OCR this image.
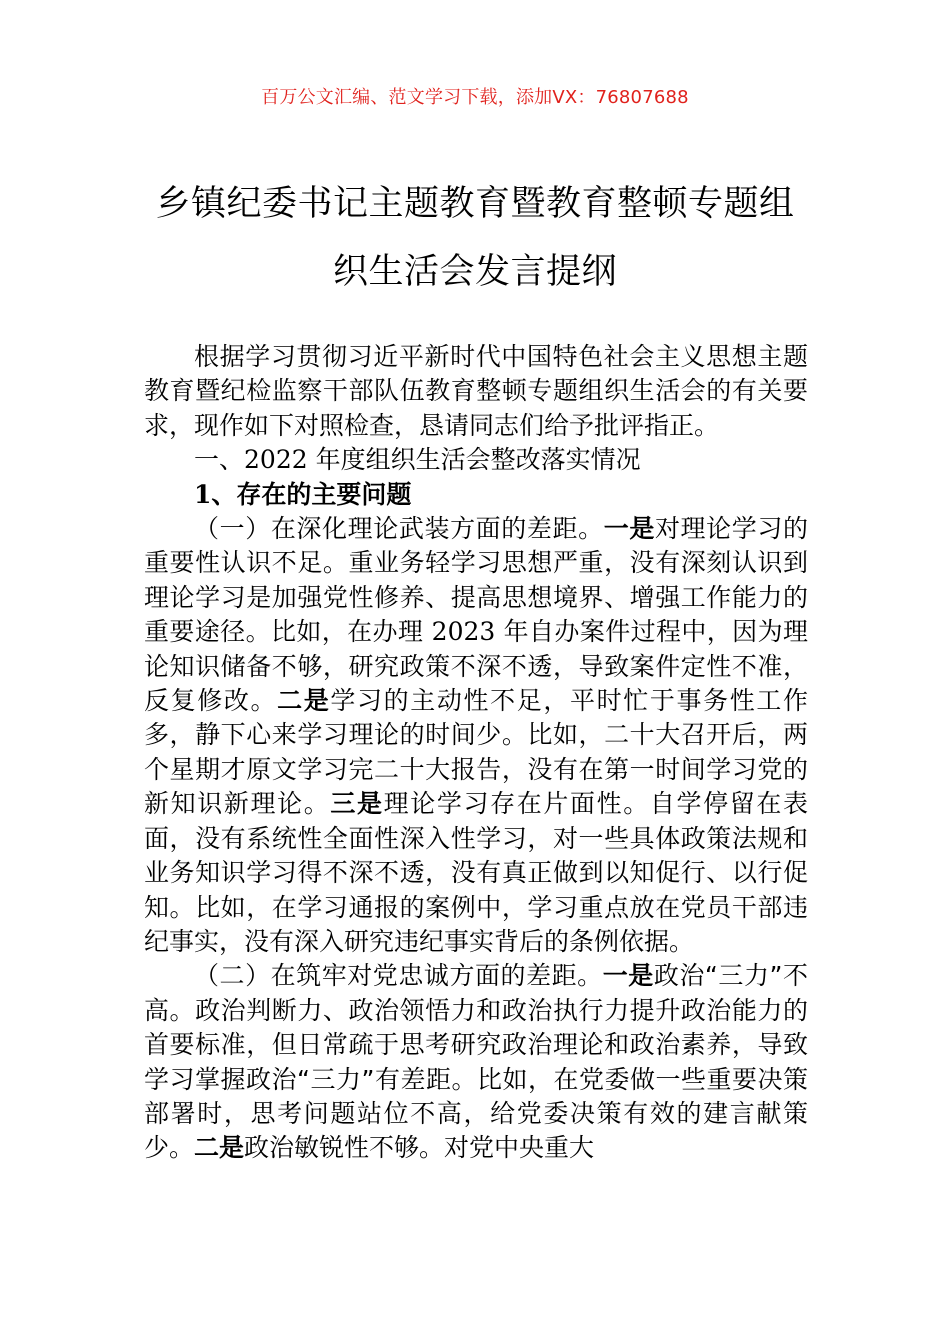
百万公文汇编、范文学习下载，添加VX：76807688
乡镇纪委书记主题教育暨教育整顿专题组
织生活会发言提纲

根据学习贯彻习近平新时代中国特色社会主义思想主题教育暨纪检监察干部队伍教育整顿专题组织生活会的有关要求，现作如下对照检查，恳请同志们给予批评指正。

一、2022 年度组织生活会整改落实情况

1、存在的主要问题

（一）在深化理论武装方面的差距。一是对理论学习的重要性认识不足。重业务轻学习思想严重，没有深刻认识到理论学习是加强党性修养、提高思想境界、增强工作能力的重要途径。比如，在办理 2023 年自办案件过程中，因为理论知识储备不够，研究政策不深不透，导致案件定性不准，反复修改。二是学习的主动性不足，平时忙于事务性工作多，静下心来学习理论的时间少。比如，二十大召开后，两个星期才原文学习完二十大报告，没有在第一时间学习党的新知识新理论。三是理论学习存在片面性。自学停留在表面，没有系统性全面性深入性学习，对一些具体政策法规和业务知识学习得不深不透，没有真正做到以知促行、以行促知。比如，在学习通报的案例中，学习重点放在党员干部违纪事实，没有深入研究违纪事实背后的条例依据。

（二）在筑牢对党忠诚方面的差距。一是政治“三力”不高。政治判断力、政治领悟力和政治执行力提升政治能力的首要标准，但日常疏于思考研究政治理论和政治素养，导致学习掌握政治“三力”有差距。比如，在党委做一些重要决策部署时，思考问题站位不高，给党委决策有效的建言献策少。二是政治敏锐性不够。对党中央重大
